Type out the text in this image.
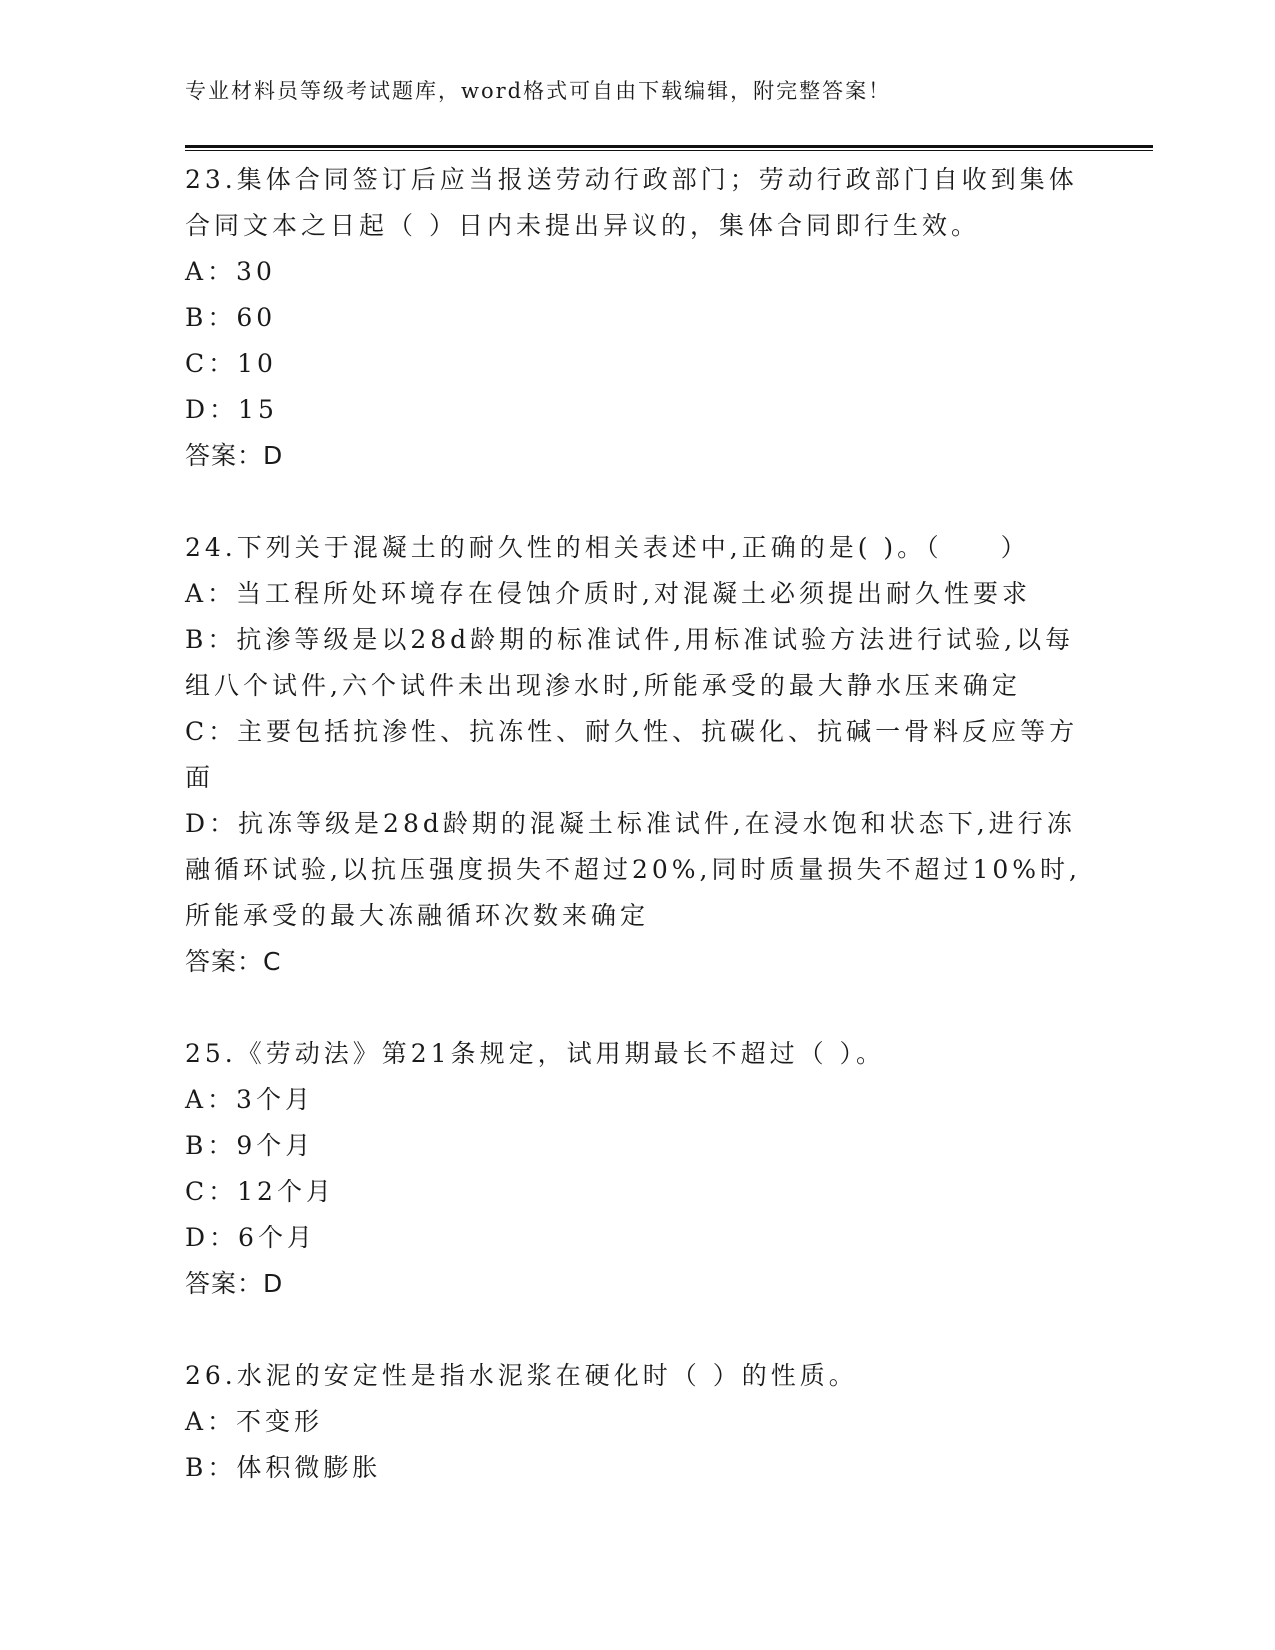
专业材料员等级考试题库，word格式可自由下载编辑，附完整答案！
23.集体合同签订后应当报送劳动行政部门；劳动行政部门自收到集体
合同文本之日起（ ）日内未提出异议的，集体合同即行生效。
A：30
B：60
C：10
D：15
答案：D
24.下列关于混凝土的耐久性的相关表述中,正确的是( )。（　　）
A：当工程所处环境存在侵蚀介质时,对混凝土必须提出耐久性要求
B：抗渗等级是以28d龄期的标准试件,用标准试验方法进行试验,以每
组八个试件,六个试件未出现渗水时,所能承受的最大静水压来确定
C：主要包括抗渗性、抗冻性、耐久性、抗碳化、抗碱一骨料反应等方
面
D：抗冻等级是28d龄期的混凝土标准试件,在浸水饱和状态下,进行冻
融循环试验,以抗压强度损失不超过20%,同时质量损失不超过10%时,
所能承受的最大冻融循环次数来确定
答案：C
25.《劳动法》第21条规定，试用期最长不超过（ ）。
A：3个月
B：9个月
C：12个月
D：6个月
答案：D
26.水泥的安定性是指水泥浆在硬化时（ ）的性质。
A：不变形
B：体积微膨胀
